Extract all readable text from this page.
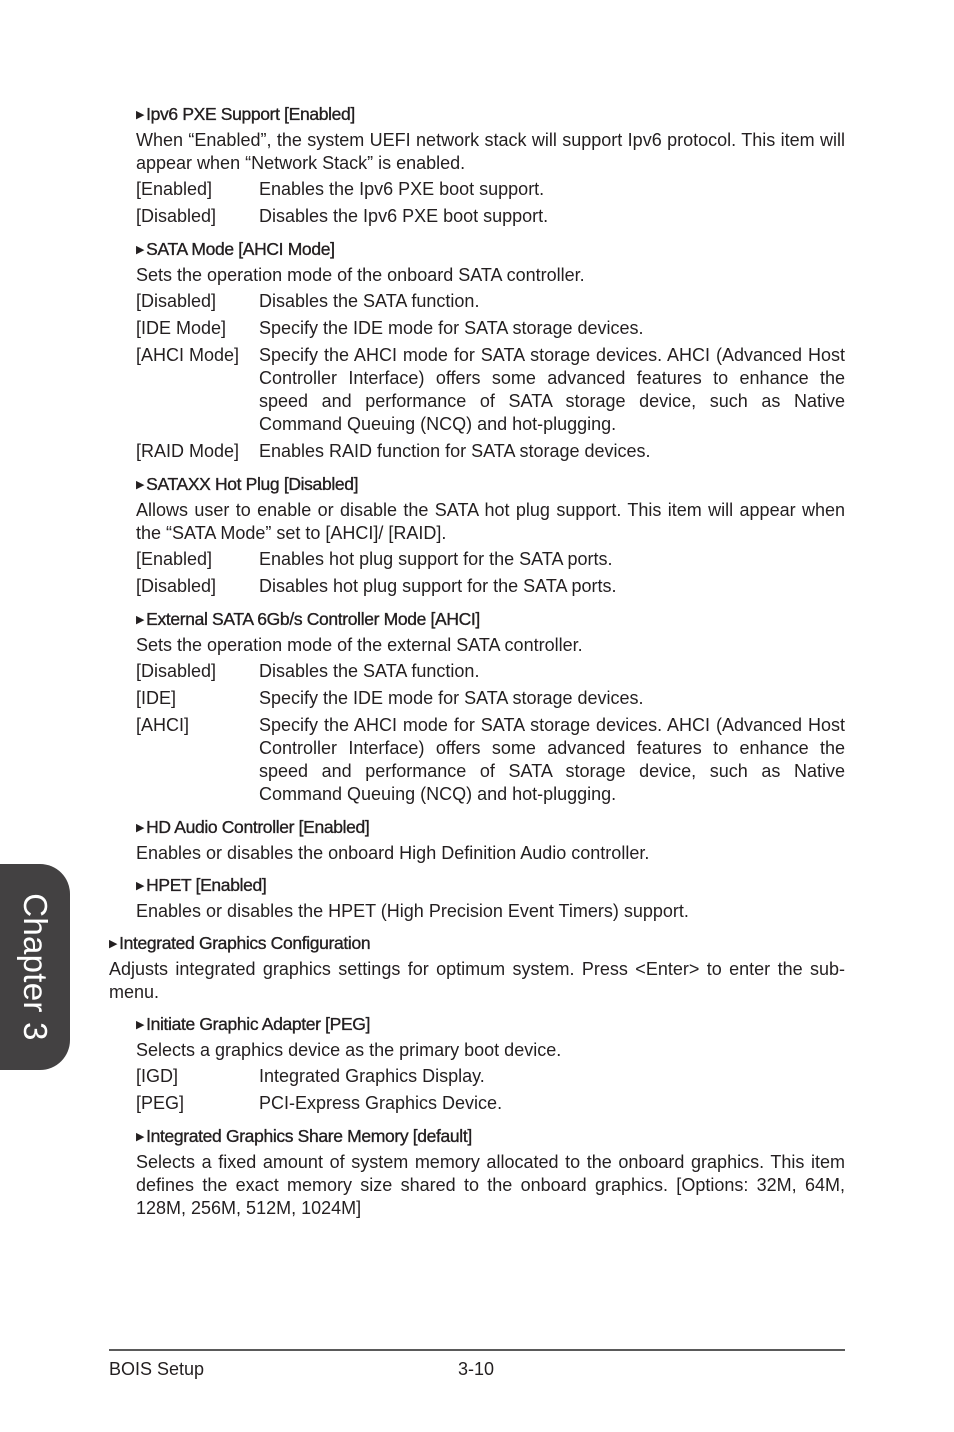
▶ Ipv6 PXE Support [Enabled]

When “Enabled”, the system UEFI network stack will support Ipv6 protocol. This item will appear when “Network Stack” is enabled.

[Enabled]	Enables the Ipv6 PXE boot support.
[Disabled]	Disables the Ipv6 PXE boot support.
▶ SATA Mode [AHCI Mode]

Sets the operation mode of the onboard SATA controller.

[Disabled]	Disables the SATA function.
[IDE Mode]	Specify the IDE mode for SATA storage devices.
[AHCI Mode]	Specify the AHCI mode for SATA storage devices. AHCI (Advanced Host Controller Interface) offers some advanced features to enhance the speed and performance of SATA storage device, such as Native Command Queuing (NCQ) and hot-plugging.
[RAID Mode]	Enables RAID function for SATA storage devices.
▶ SATAXX Hot Plug [Disabled]

Allows user to enable or disable the SATA hot plug support. This item will appear when the “SATA Mode” set to [AHCI]/ [RAID].

[Enabled]	Enables hot plug support for the SATA ports.
[Disabled]	Disables hot plug support for the SATA ports.
▶ External SATA 6Gb/s Controller Mode [AHCI]

Sets the operation mode of the external SATA controller.

[Disabled]	Disables the SATA function.
[IDE]	Specify the IDE mode for SATA storage devices.
[AHCI]	Specify the AHCI mode for SATA storage devices. AHCI (Advanced Host Controller Interface) offers some advanced features to enhance the speed and performance of SATA storage device, such as Native Command Queuing (NCQ) and hot-plugging.
▶ HD Audio Controller [Enabled]

Enables or disables the onboard High Definition Audio controller.

▶ HPET [Enabled]

Enables or disables the HPET (High Precision Event Timers) support.

▶ Integrated Graphics Configuration

Adjusts integrated graphics settings for optimum system. Press <Enter> to enter the sub-menu.

▶ Initiate Graphic Adapter [PEG]

Selects a graphics device as the primary boot device.

[IGD]	Integrated Graphics Display.
[PEG]	PCI-Express Graphics Device.
▶ Integrated Graphics Share Memory [default]

Selects a fixed amount of system memory allocated to the onboard graphics. This item defines the exact memory size shared to the onboard graphics. [Options: 32M, 64M, 128M, 256M, 512M, 1024M]

Chapter 3
BOIS Setup	3-10
